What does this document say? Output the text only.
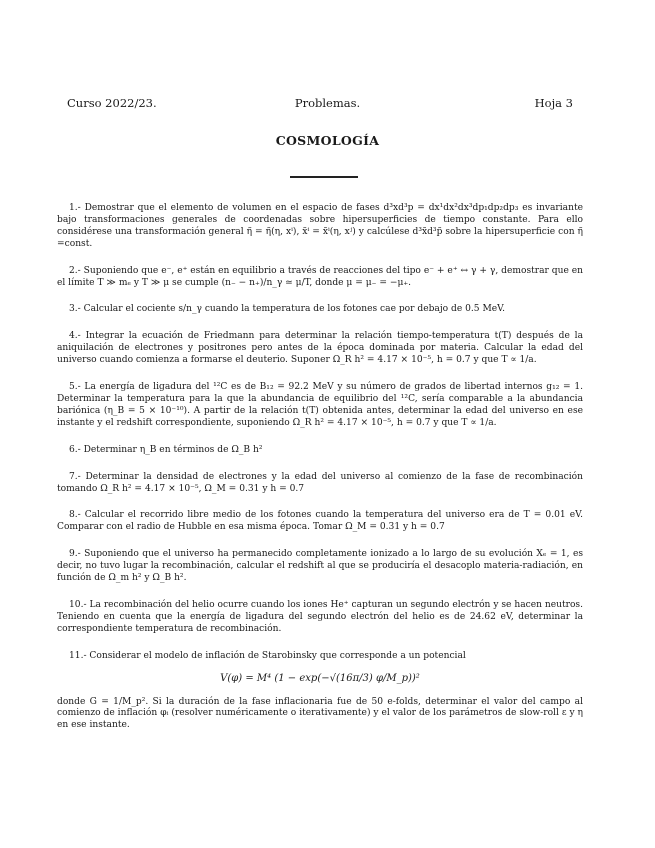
Curso 2022/23.	Problemas.	Hoja 3
COSMOLOGÍA

1.- Demostrar que el elemento de volumen en el espacio de fases d³xd³p = dx¹dx²dx³dp₁dp₂dp₃ es invariante bajo transformaciones generales de coordenadas sobre hipersuperficies de tiempo constante. Para ello considérese una transformación general η̃ = η̃(η, xⁱ), x̃ⁱ = x̃ⁱ(η, xʲ) y calcúlese d³x̃d³p̃ sobre la hipersuperficie con η̃ =const.

2.- Suponiendo que e⁻, e⁺ están en equilibrio a través de reacciones del tipo e⁻ + e⁺ ↔ γ + γ, demostrar que en el límite T ≫ mₑ y T ≫ μ se cumple (n₋ − n₊)/n_γ ≃ μ/T, donde μ = μ₋ = −μ₊.

3.- Calcular el cociente s/n_γ cuando la temperatura de los fotones cae por debajo de 0.5 MeV.

4.- Integrar la ecuación de Friedmann para determinar la relación tiempo-temperatura t(T) después de la aniquilación de electrones y positrones pero antes de la época dominada por materia. Calcular la edad del universo cuando comienza a formarse el deuterio. Suponer Ω_R h² = 4.17 × 10⁻⁵, h = 0.7 y que T ∝ 1/a.

5.- La energía de ligadura del ¹²C es de B₁₂ = 92.2 MeV y su número de grados de libertad internos g₁₂ = 1. Determinar la temperatura para la que la abundancia de equilibrio del ¹²C, sería comparable a la abundancia bariónica (η_B = 5 × 10⁻¹⁰). A partir de la relación t(T) obtenida antes, determinar la edad del universo en ese instante y el redshift correspondiente, suponiendo Ω_R h² = 4.17 × 10⁻⁵, h = 0.7 y que T ∝ 1/a.

6.- Determinar η_B en términos de Ω_B h²

7.- Determinar la densidad de electrones y la edad del universo al comienzo de la fase de recombinación tomando Ω_R h² = 4.17 × 10⁻⁵, Ω_M = 0.31 y h = 0.7

8.- Calcular el recorrido libre medio de los fotones cuando la temperatura del universo era de T = 0.01 eV. Comparar con el radio de Hubble en esa misma época. Tomar Ω_M = 0.31 y h = 0.7

9.- Suponiendo que el universo ha permanecido completamente ionizado a lo largo de su evolución Xₑ = 1, es decir, no tuvo lugar la recombinación, calcular el redshift al que se produciría el desacoplo materia-radiación, en función de Ω_m h² y Ω_B h².

10.- La recombinación del helio ocurre cuando los iones He⁺ capturan un segundo electrón y se hacen neutros. Teniendo en cuenta que la energía de ligadura del segundo electrón del helio es de 24.62 eV, determinar la correspondiente temperatura de recombinación.

11.- Considerar el modelo de inflación de Starobinsky que corresponde a un potencial

V(φ) = M⁴ (1 − exp(−√(16π/3) φ/M_p))²

donde G = 1/M_p². Si la duración de la fase inflacionaria fue de 50 e-folds, determinar el valor del campo al comienzo de inflación φᵢ (resolver numéricamente o iterativamente) y el valor de los parámetros de slow-roll ε y η en ese instante.
